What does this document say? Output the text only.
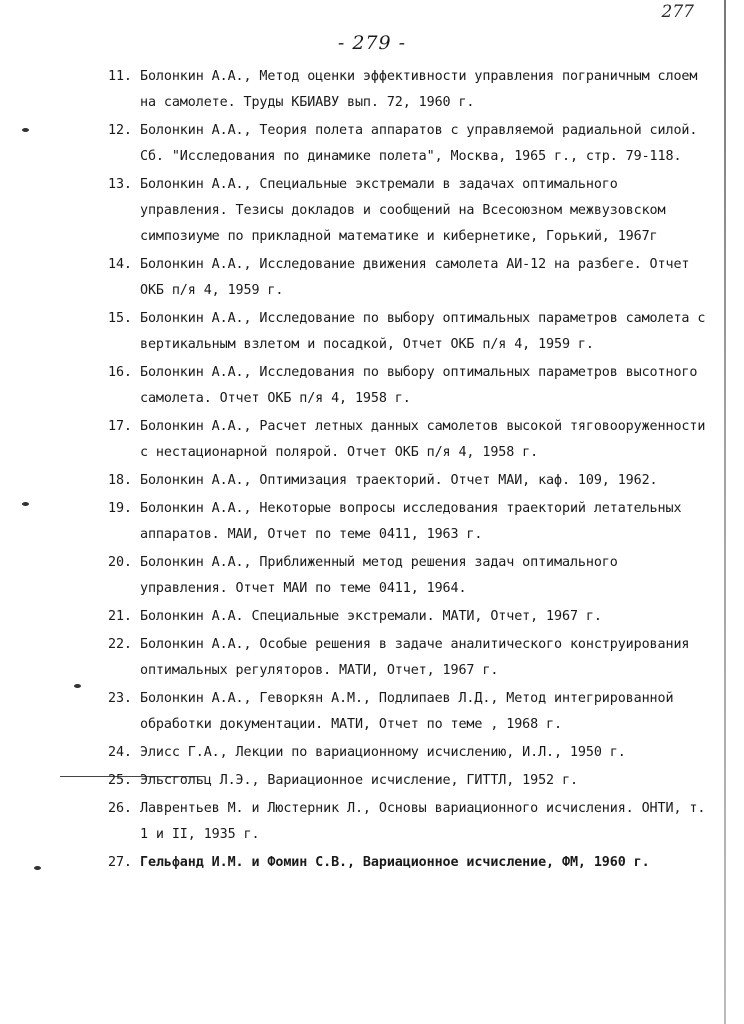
277
- 279 -
11. Болонкин А.А., Метод оценки эффективности управления пограничным слоем на самолете. Труды КБИАВУ вып. 72, 1960 г.
12. Болонкин А.А., Теория полета аппаратов с управляемой радиальной силой. Сб. "Исследования по динамике полета", Москва, 1965 г., стр. 79-118.
13. Болонкин А.А., Специальные экстремали в задачах оптимального управления. Тезисы докладов и сообщений на Всесоюзном межвузовском симпозиуме по прикладной математике и кибернетике, Горький, 1967г
14. Болонкин А.А., Исследование движения самолета АИ-12 на разбеге. Отчет ОКБ п/я 4, 1959 г.
15. Болонкин А.А., Исследование по выбору оптимальных параметров самолета с вертикальным взлетом и посадкой, Отчет ОКБ п/я 4, 1959 г.
16. Болонкин А.А., Исследования по выбору оптимальных параметров высотного самолета. Отчет ОКБ п/я 4, 1958 г.
17. Болонкин А.А., Расчет летных данных самолетов высокой тяговооруженности с нестационарной полярой. Отчет ОКБ п/я 4, 1958 г.
18. Болонкин А.А., Оптимизация траекторий. Отчет МАИ, каф. 109, 1962.
19. Болонкин А.А., Некоторые вопросы исследования траекторий летательных аппаратов. МАИ, Отчет по теме 0411, 1963 г.
20. Болонкин А.А., Приближенный метод решения задач оптимального управления. Отчет МАИ по теме 0411, 1964.
21. Болонкин А.А. Специальные экстремали. МАТИ, Отчет, 1967 г.
22. Болонкин А.А., Особые решения в задаче аналитического конструирования оптимальных регуляторов. МАТИ, Отчет, 1967 г.
23. Болонкин А.А., Геворкян А.М., Подлипаев Л.Д., Метод интегрированной обработки документации. МАТИ, Отчет по теме , 1968 г.
24. Элисс Г.А., Лекции по вариационному исчислению, И.Л., 1950 г.
25. Эльсгольц Л.Э., Вариационное исчисление, ГИТТЛ, 1952 г.
26. Лаврентьев М. и Люстерник Л., Основы вариационного исчисления. ОНТИ, т. 1 и II, 1935 г.
27. Гельфанд И.М. и Фомин С.В., Вариационное исчисление, ФМ, 1960 г.
